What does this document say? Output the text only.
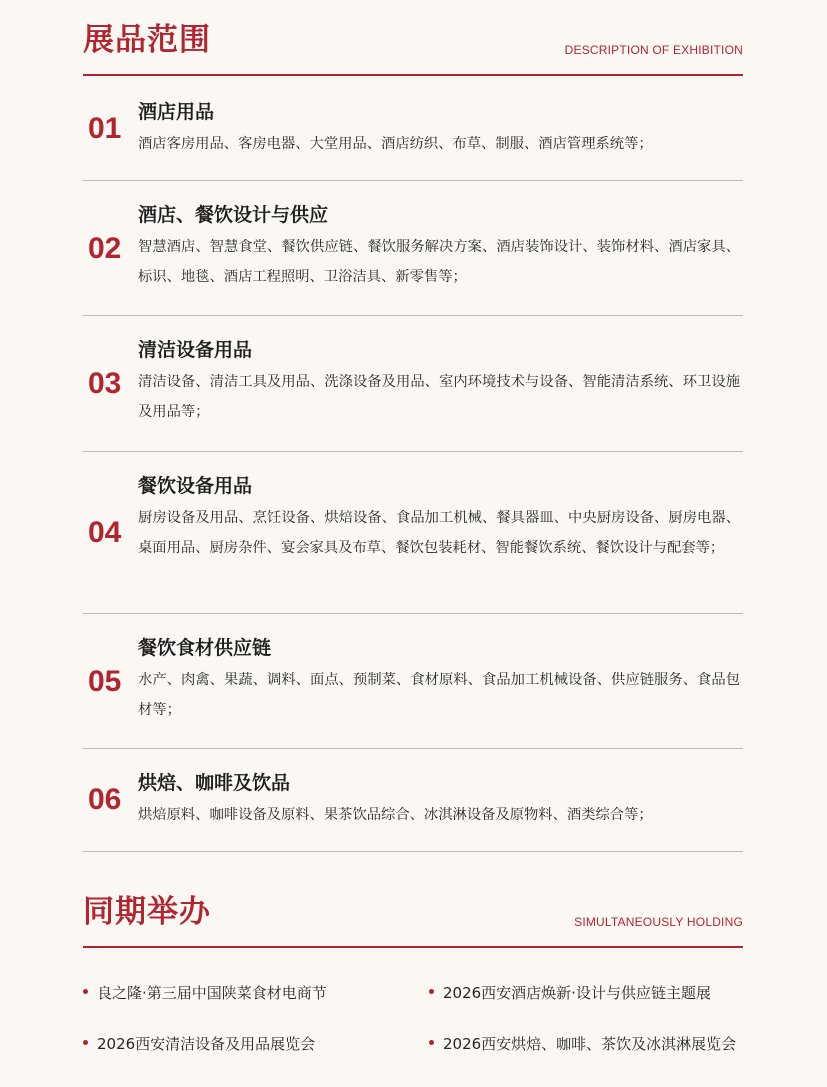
展品范围	DESCRIPTION OF EXHIBITION
01 酒店用品
酒店客房用品、客房电器、大堂用品、酒店纺织、布草、制服、酒店管理系统等；
02
酒店、餐饮设计与供应
智慧酒店、智慧食堂、餐饮供应链、餐饮服务解决方案、酒店装饰设计、装饰材料、酒店家具、标识、地毯、酒店工程照明、卫浴洁具、新零售等；
03
清洁设备用品
清洁设备、清洁工具及用品、洗涤设备及用品、室内环境技术与设备、智能清洁系统、环卫设施及用品等；
04
餐饮设备用品
厨房设备及用品、烹饪设备、烘焙设备、食品加工机械、餐具器皿、中央厨房设备、厨房电器、桌面用品、厨房杂件、宴会家具及布草、餐饮包装耗材、智能餐饮系统、餐饮设计与配套等；
05
餐饮食材供应链
水产、肉禽、果蔬、调料、面点、预制菜、食材原料、食品加工机械设备、供应链服务、食品包材等；
06 烘焙、咖啡及饮品
烘焙原料、咖啡设备及原料、果茶饮品综合、冰淇淋设备及原物料、酒类综合等；
同期举办	SIMULTANEOUSLY HOLDING
良之隆·第三届中国陕菜食材电商节	2026西安酒店焕新·设计与供应链主题展
2026西安清洁设备及用品展览会	2026西安烘焙、咖啡、茶饮及冰淇淋展览会
